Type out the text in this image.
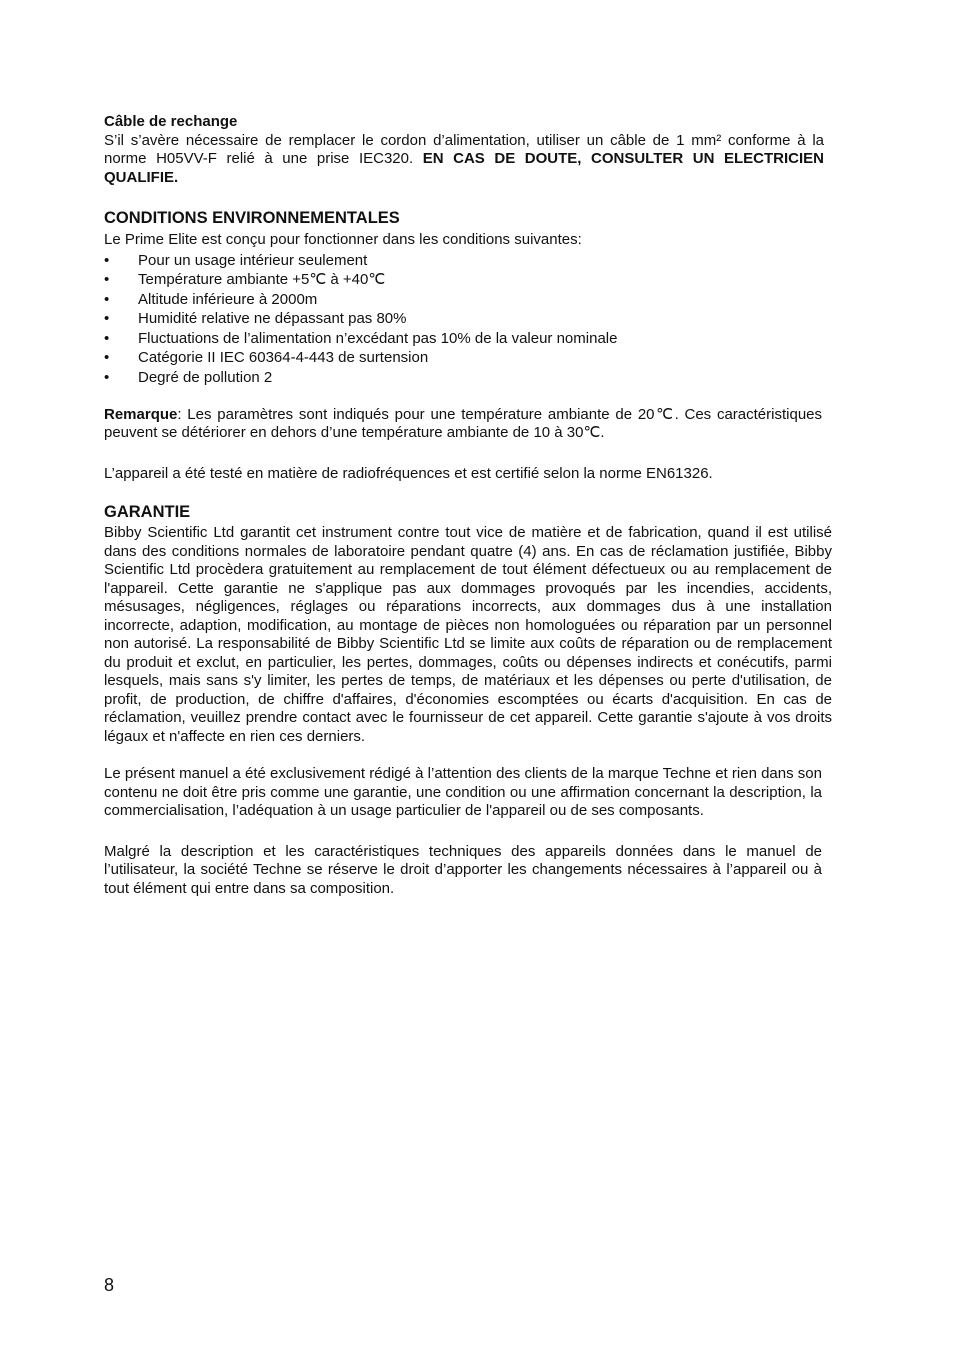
Câble de rechange

S’il s’avère nécessaire de remplacer le cordon d’alimentation, utiliser un câble de 1 mm² conforme à la norme H05VV-F relié à une prise IEC320. EN CAS DE DOUTE, CONSULTER UN ELECTRICIEN QUALIFIE.

CONDITIONS ENVIRONNEMENTALES

Le Prime Elite est conçu pour fonctionner dans les conditions suivantes:

• Pour un usage intérieur seulement
• Température ambiante +5℃ à +40℃
• Altitude inférieure à 2000m
• Humidité relative ne dépassant pas 80%
• Fluctuations de l’alimentation n’excédant pas 10% de la valeur nominale
• Catégorie II IEC 60364-4-443 de surtension
• Degré de pollution 2

Remarque: Les paramètres sont indiqués pour une température ambiante de 20℃. Ces caractéristiques peuvent se détériorer en dehors d’une température ambiante de 10 à 30℃.

L’appareil a été testé en matière de radiofréquences et est certifié selon la norme EN61326.

GARANTIE

Bibby Scientific Ltd garantit cet instrument contre tout vice de matière et de fabrication, quand il est utilisé dans des conditions normales de laboratoire pendant quatre (4) ans. En cas de réclamation justifiée, Bibby Scientific Ltd procèdera gratuitement au remplacement de tout élément défectueux ou au remplacement de l'appareil. Cette garantie ne s'applique pas aux dommages provoqués par les incendies, accidents, mésusages, négligences, réglages ou réparations incorrects, aux dommages dus à une installation incorrecte, adaption, modification, au montage de pièces non homologuées ou réparation par un personnel non autorisé. La responsabilité de Bibby Scientific Ltd se limite aux coûts de réparation ou de remplacement du produit et exclut, en particulier, les pertes, dommages, coûts ou dépenses indirects et conécutifs, parmi lesquels, mais sans s'y limiter, les pertes de temps, de matériaux et les dépenses ou perte d'utilisation, de profit, de production, de chiffre d'affaires, d'économies escomptées ou écarts d'acquisition. En cas de réclamation, veuillez prendre contact avec le fournisseur de cet appareil. Cette garantie s'ajoute à vos droits légaux et n'affecte en rien ces derniers.

Le présent manuel a été exclusivement rédigé à l’attention des clients de la marque Techne et rien dans son contenu ne doit être pris comme une garantie, une condition ou une affirmation concernant la description, la commercialisation, l’adéquation à un usage particulier de l'appareil ou de ses composants.

Malgré la description et les caractéristiques techniques des appareils données dans le manuel de l’utilisateur, la société Techne se réserve le droit d’apporter les changements nécessaires à l’appareil ou à tout élément qui entre dans sa composition.

8
